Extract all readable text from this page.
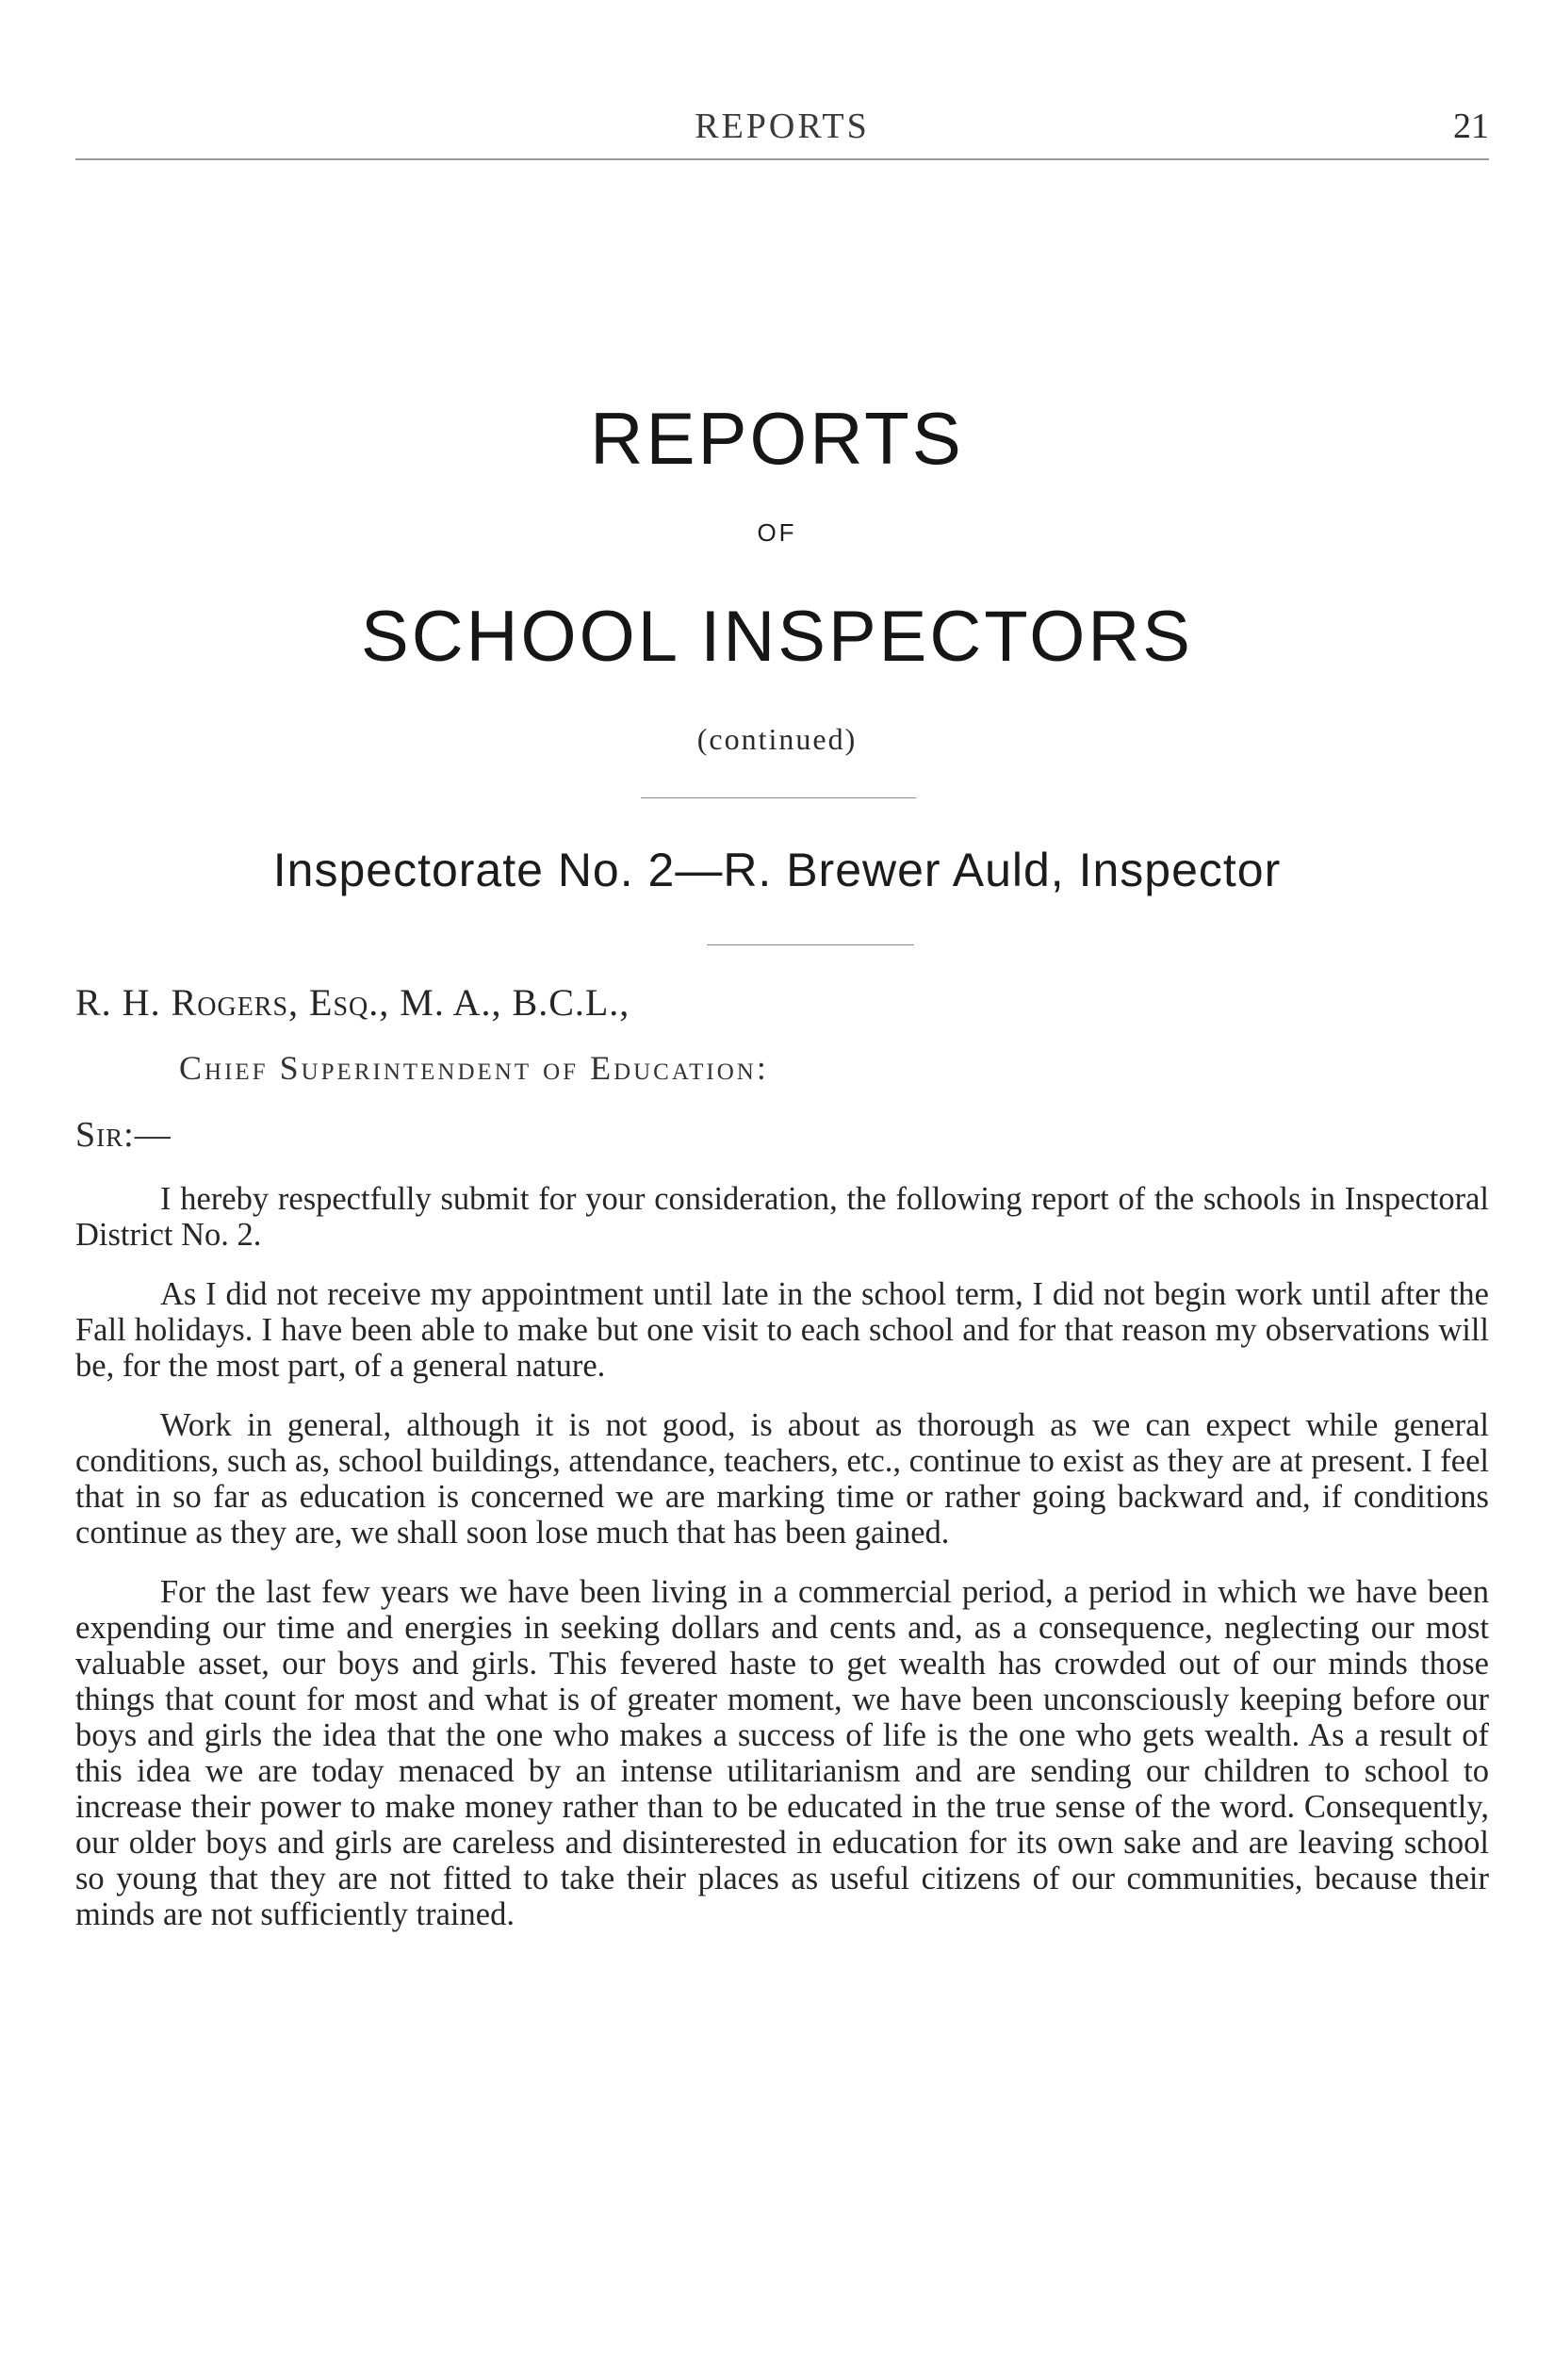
REPORTS	21
REPORTS
OF
SCHOOL INSPECTORS
(continued)
Inspectorate No. 2—R. Brewer Auld, Inspector
R. H. Rogers, Esq., M. A., B.C.L.,
Chief Superintendent of Education:
Sir:—

I hereby respectfully submit for your consideration, the following report of the schools in Inspectoral District No. 2.

As I did not receive my appointment until late in the school term, I did not begin work until after the Fall holidays. I have been able to make but one visit to each school and for that reason my observations will be, for the most part, of a general nature.

Work in general, although it is not good, is about as thorough as we can expect while general conditions, such as, school buildings, attendance, teachers, etc., continue to exist as they are at present. I feel that in so far as education is concerned we are marking time or rather going backward and, if conditions continue as they are, we shall soon lose much that has been gained.

For the last few years we have been living in a commercial period, a period in which we have been expending our time and energies in seeking dollars and cents and, as a consequence, neglecting our most valuable asset, our boys and girls. This fevered haste to get wealth has crowded out of our minds those things that count for most and what is of greater moment, we have been unconsciously keeping before our boys and girls the idea that the one who makes a success of life is the one who gets wealth. As a result of this idea we are today menaced by an intense utilitarianism and are sending our children to school to increase their power to make money rather than to be educated in the true sense of the word. Consequently, our older boys and girls are careless and disinterested in education for its own sake and are leaving school so young that they are not fitted to take their places as useful citizens of our communities, because their minds are not sufficiently trained.
